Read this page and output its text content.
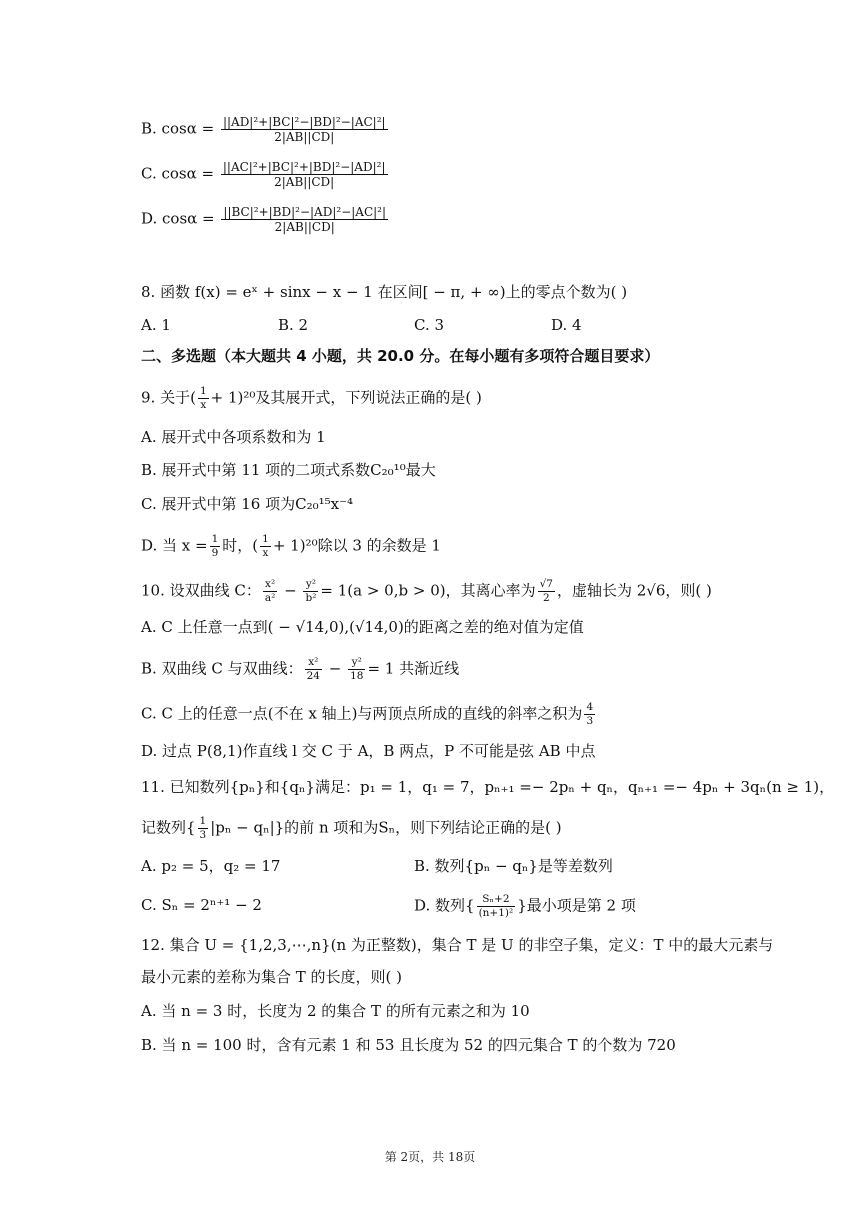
B. $\cos\alpha = \frac{\text{||AD|²+|BC|²−|BD|²−|AC|²|}}{2|AB||CD|}$
C. $\cos\alpha = \frac{\text{||AC|²+|BC|²+|BD|²−|AD|²|}}{2|AB||CD|}$
D. $\cos\alpha = \frac{\text{||BC|²+|BD|²−|AD|²−|AC|²|}}{2|AB||CD|}$
8. 函数 f(x) = eˣ + sinx − x − 1 在区间[ − π, + ∞)上的零点个数为( )
A. 1	B. 2	C. 3	D. 4
二、多选题（本大题共 4 小题，共 20.0 分。在每小题有多项符合题目要求）
9. 关于( $\frac{1}{x} + 1)^{20}$及其展开式，下列说法正确的是( )
A. 展开式中各项系数和为 1
B. 展开式中第 11 项的二项式系数C₂₀¹⁰最大
C. 展开式中第 16 项为C₂₀¹⁵x⁻⁴
D. 当 $x = \frac{1}{9}$ 时，( $\frac{1}{x} + 1)^{20}$除以 3 的余数是 1
10. 设双曲线 C： $\frac{\text{x²}}{\text{a²}} - \frac{\text{y²}}{\text{b²}} = 1(a > 0,b > 0)$，其离心率为 $\frac{√7}{2}$ ，虚轴长为 2√6，则( )
A. C 上任意一点到( − √14,0),(√14,0)的距离之差的绝对值为定值
B. 双曲线 C 与双曲线： $\frac{\text{x²}}{24} - \frac{\text{y²}}{18} = 1$ 共渐近线
C. C 上的任意一点(不在 x 轴上)与两顶点所成的直线的斜率之积为 $\frac{4}{3}$
D. 过点 P(8,1)作直线 l 交 C 于 A，B 两点，P 不可能是弦 AB 中点
11. 已知数列{pₙ}和{qₙ}满足：p₁ = 1，q₁ = 7，pₙ₊₁ =− 2pₙ + qₙ，qₙ₊₁ =− 4pₙ + 3qₙ(n ≥ 1)，
记数列{ $\frac{1}{3} |p_n - q_n|$}的前 n 项和为Sₙ，则下列结论正确的是( )
A. p₂ = 5，q₂ = 17	B. 数列{pₙ − qₙ}是等差数列
C. Sₙ = 2ⁿ⁺¹ − 2	D. 数列{ $\frac{\text{Sₙ+2}}{\text{(n+1)²}}$ }最小项是第 2 项
12. 集合 U = {1,2,3,⋯,n}(n 为正整数)，集合 T 是 U 的非空子集，定义：T 中的最大元素与
最小元素的差称为集合 T 的长度，则( )
A. 当 n = 3 时，长度为 2 的集合 T 的所有元素之和为 10
B. 当 n = 100 时，含有元素 1 和 53 且长度为 52 的四元集合 T 的个数为 720
第 2页，共 18页
